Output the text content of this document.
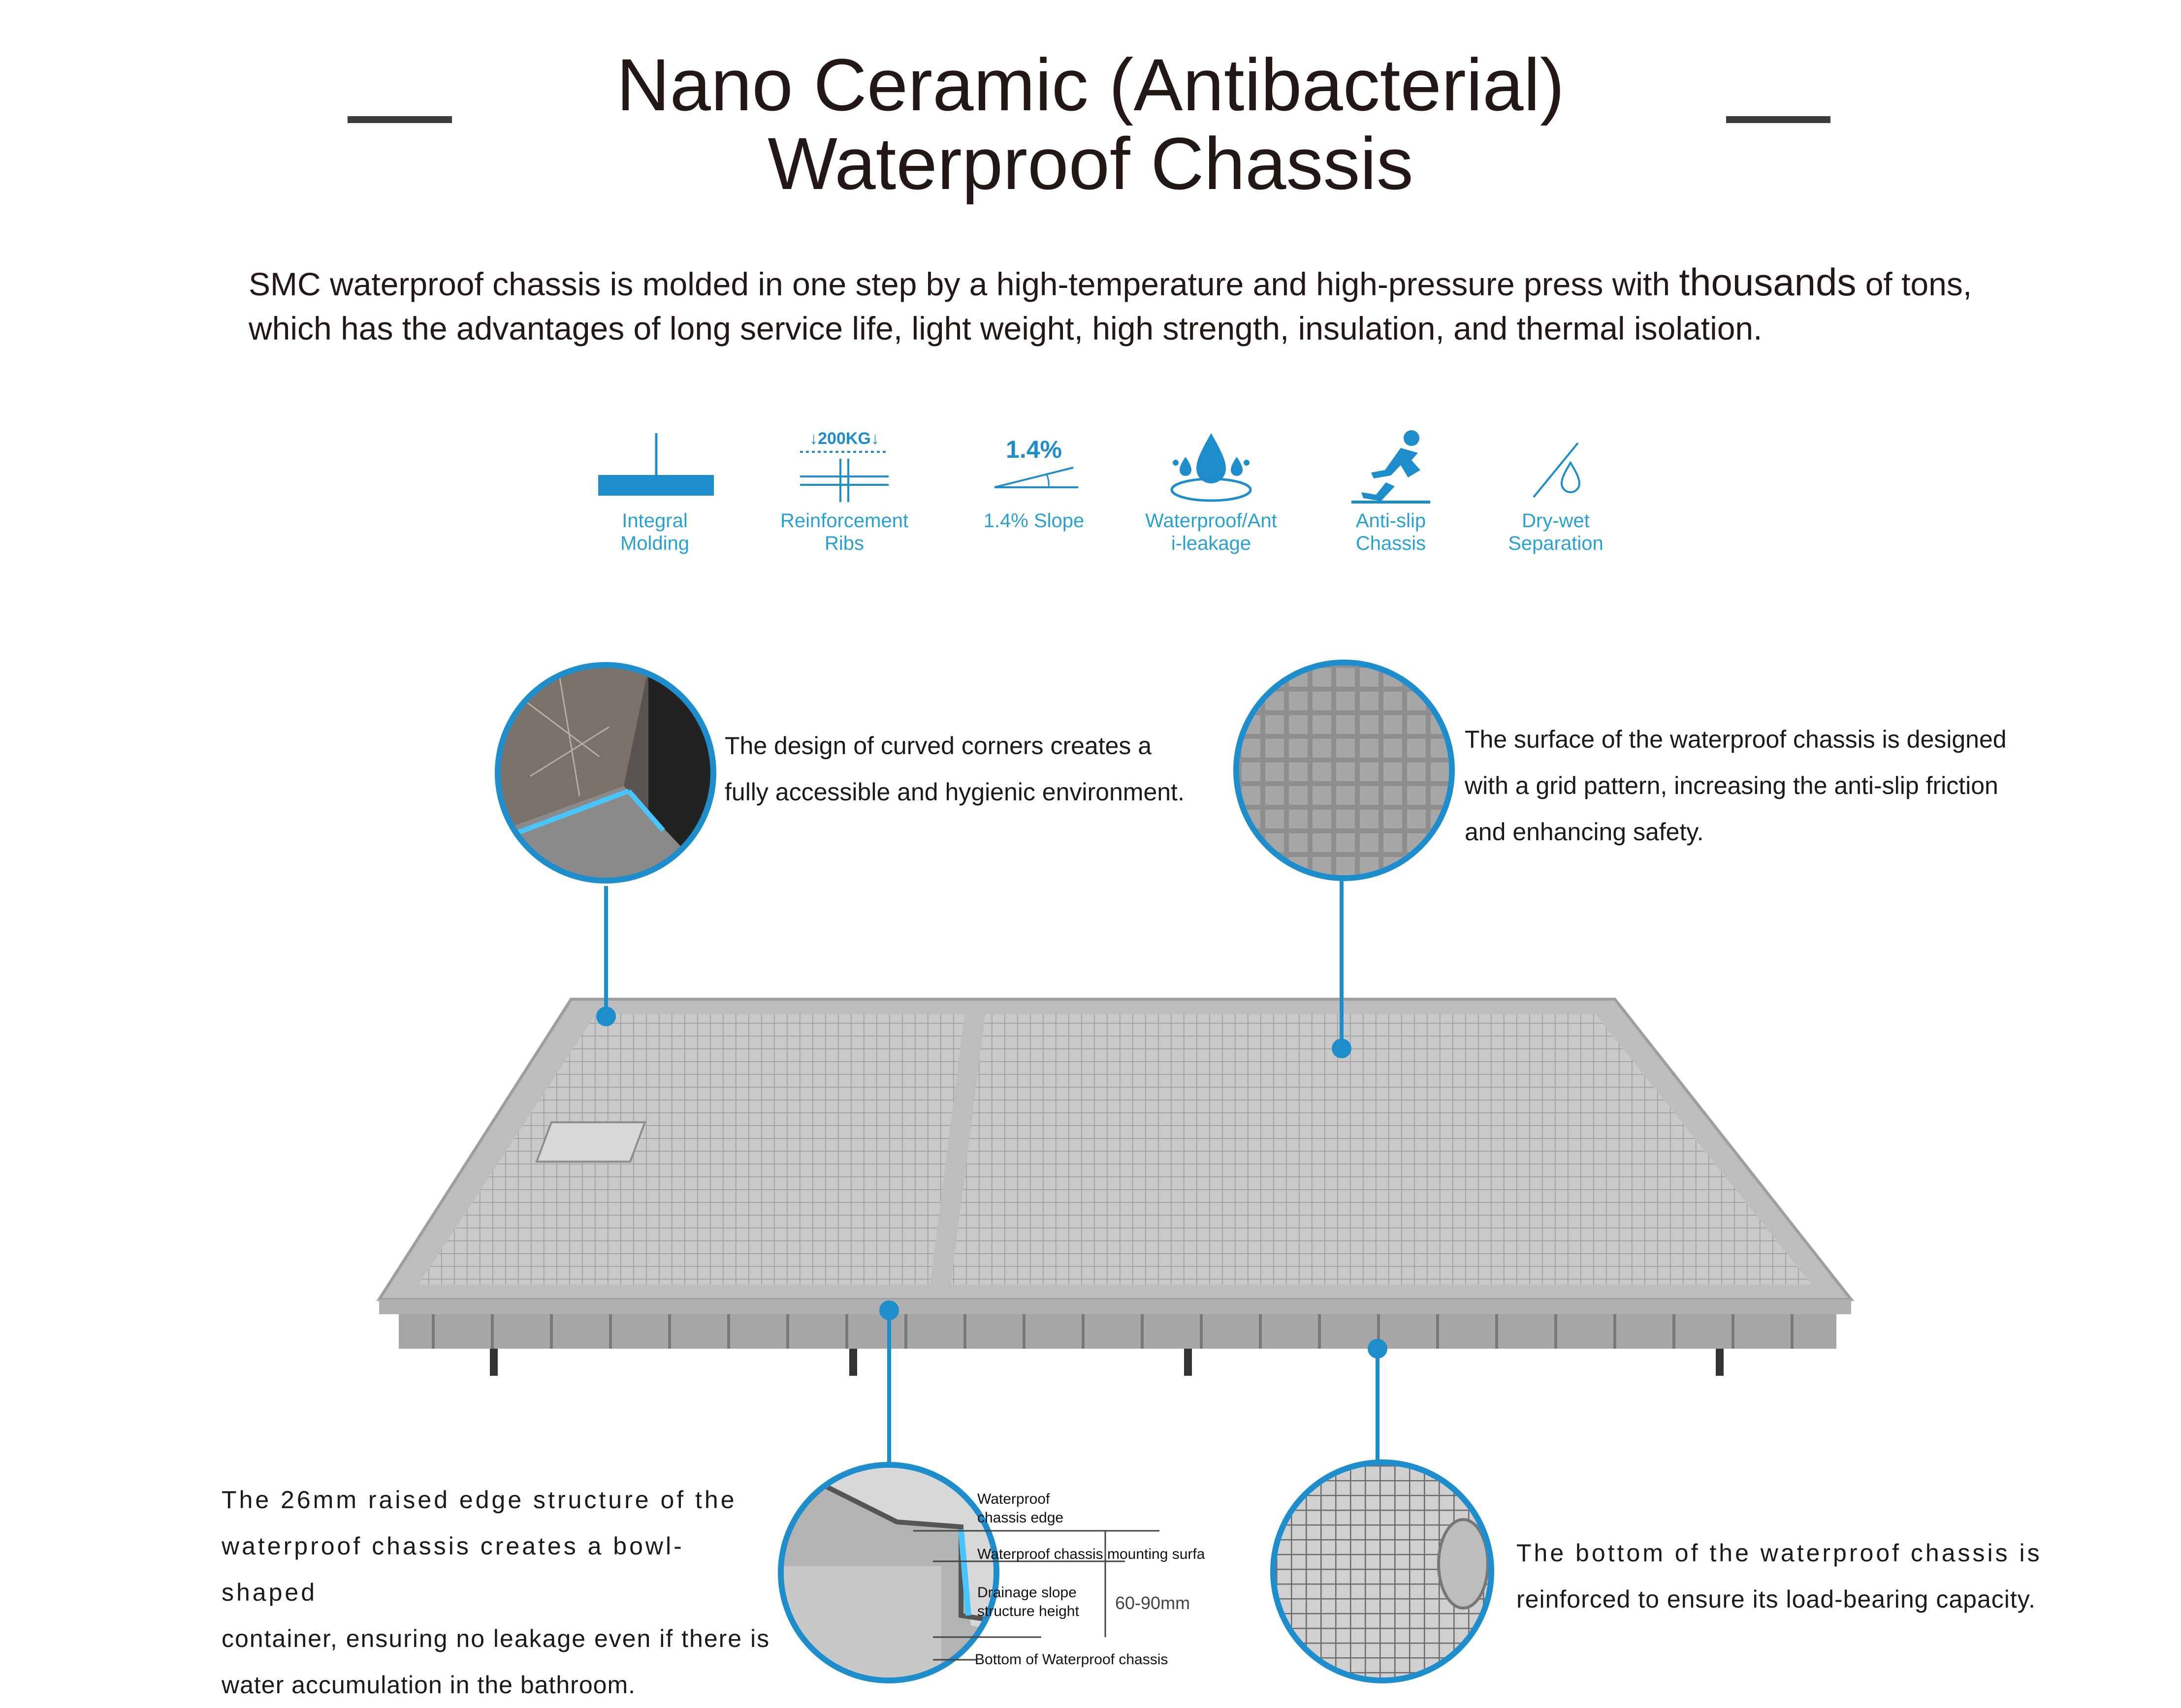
Nano Ceramic (Antibacterial)
Waterproof Chassis
SMC waterproof chassis is molded in one step by a high-temperature and high-pressure press with thousands of tons,
which has the advantages of long service life, light weight, high strength, insulation, and thermal isolation.
Integral
Molding
↓200KG↓
Reinforcement
Ribs
1.4%
1.4% Slope	Waterproof/Ant
i-leakage
Anti-slip
Chassis
Dry-wet
Separation
The design of curved corners creates a
fully accessible and hygienic environment.
The surface of the waterproof chassis is designed
with a grid pattern, increasing the anti-slip friction
and enhancing safety.
The 26mm raised edge structure of the
waterproof chassis creates a bowl-shaped
container, ensuring no leakage even if there is
water accumulation in the bathroom.
The bottom of the waterproof chassis is
reinforced to ensure its load-bearing capacity.
Waterproof
chassis edge
Waterproof chassis mounting surfa
Drainage slope
structure height 60-90mm
Bottom of Waterproof chassis
